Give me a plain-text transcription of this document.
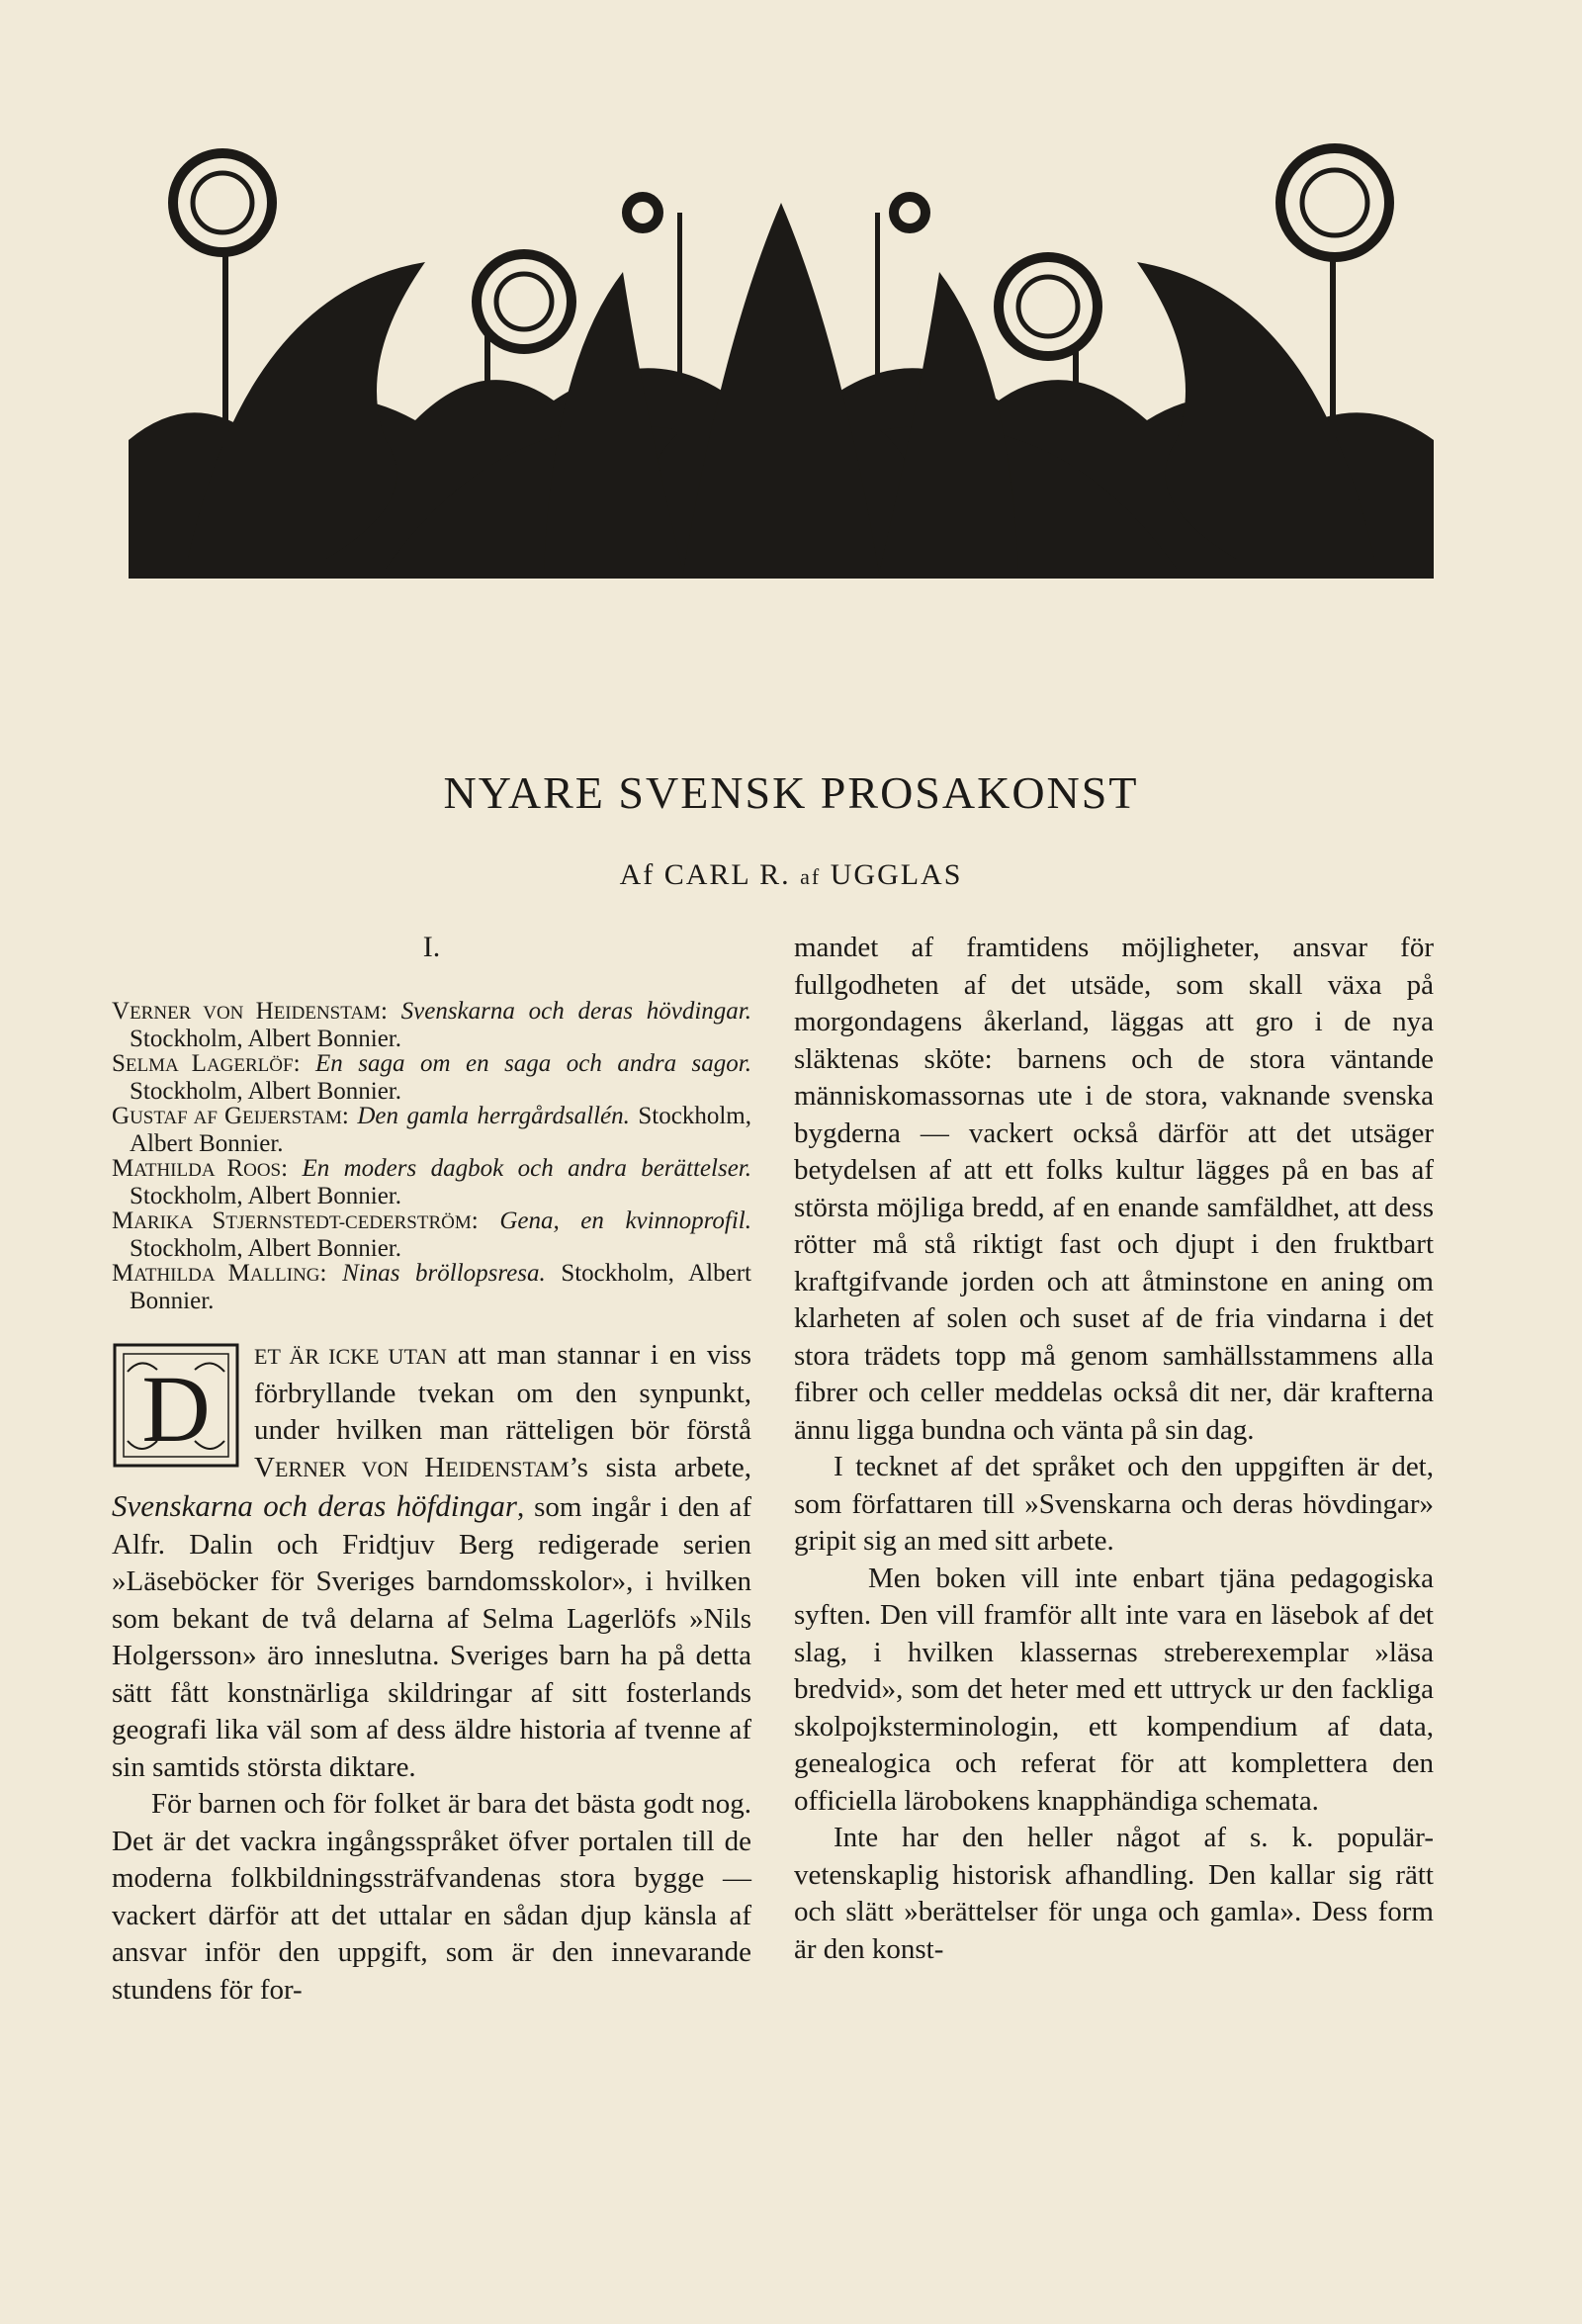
NYARE SVENSK PROSAKONST
Af CARL R. af UGGLAS
I.
VERNER VON HEIDENSTAM: Svenskarna och deras hövdingar. Stockholm, Albert Bonnier.
SELMA LAGERLÖF: En saga om en saga och andra sagor. Stockholm, Albert Bonnier.
GUSTAF AF GEIJERSTAM: Den gamla herrgårdsallén. Stockholm, Albert Bonnier.
MATHILDA ROOS: En moders dagbok och andra berättelser. Stockholm, Albert Bonnier.
MARIKA STJERNSTEDT-CEDERSTRÖM: Gena, en kvinnoprofil. Stockholm, Albert Bonnier.
MATHILDA MALLING: Ninas bröllopsresa. Stockholm, Albert Bonnier.

D ET ÄR ICKE UTAN att man stannar i en viss förbryllande tvekan om den synpunkt, under hvilken man rätteligen bör förstå VERNER VON HEIDENSTAM’s sista arbete, Svenskarna och deras höfdingar, som ingår i den af Alfr. Dalin och Fridtjuv Berg redigerade serien »Läseböcker för Sveriges barndomsskolor», i hvilken som bekant de två delarna af Selma Lagerlöfs »Nils Holgersson» äro inneslutna. Sveriges barn ha på detta sätt fått konstnärliga skildringar af sitt fosterlands geografi lika väl som af dess äldre historia af tvenne af sin samtids största diktare.

För barnen och för folket är bara det bästa godt nog. Det är det vackra ingångsspråket öfver portalen till de moderna folkbildningssträfvandenas stora bygge — vackert därför att det uttalar en sådan djup känsla af ansvar inför den uppgift, som är den innevarande stundens för for-

mandet af framtidens möjligheter, ansvar för fullgodheten af det utsäde, som skall växa på morgondagens åkerland, läggas att gro i de nya släktenas sköte: barnens och de stora väntande människomassornas ute i de stora, vaknande svenska bygderna — vackert också därför att det utsäger betydelsen af att ett folks kultur lägges på en bas af största möjliga bredd, af en enande samfäldhet, att dess rötter må stå riktigt fast och djupt i den fruktbart kraftgifvande jorden och att åtminstone en aning om klarheten af solen och suset af de fria vindarna i det stora trädets topp må genom samhällsstammens alla fibrer och celler meddelas också dit ner, där krafterna ännu ligga bundna och vänta på sin dag.

I tecknet af det språket och den uppgiften är det, som författaren till »Svenskarna och deras hövdingar» gripit sig an med sitt arbete.

Men boken vill inte enbart tjäna pedagogiska syften. Den vill framför allt inte vara en läsebok af det slag, i hvilken klassernas streberexemplar »läsa bredvid», som det heter med ett uttryck ur den fackliga skolpojksterminologin, ett kompendium af data, genealogica och referat för att komplettera den officiella lärobokens knapphändiga schemata.

Inte har den heller något af s. k. populär-vetenskaplig historisk afhandling. Den kallar sig rätt och slätt »berättelser för unga och gamla». Dess form är den konst-
